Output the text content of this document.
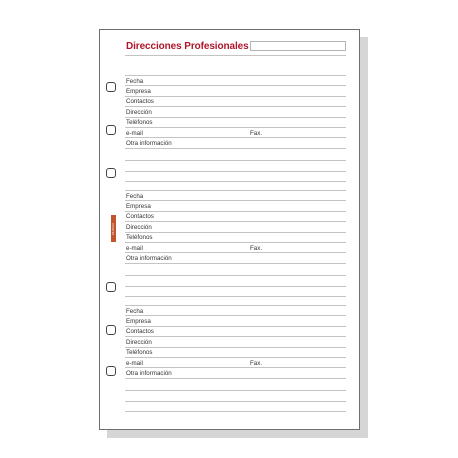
Direcciones Profesionales
FILOFAX
Fecha
Empresa
Contactos
Dirección
Teléfonos
e-mail	Fax.
Otra información
Fecha
Empresa
Contactos
Dirección
Teléfonos
e-mail	Fax.
Otra información
Fecha
Empresa
Contactos
Dirección
Teléfonos
e-mail	Fax.
Otra información
